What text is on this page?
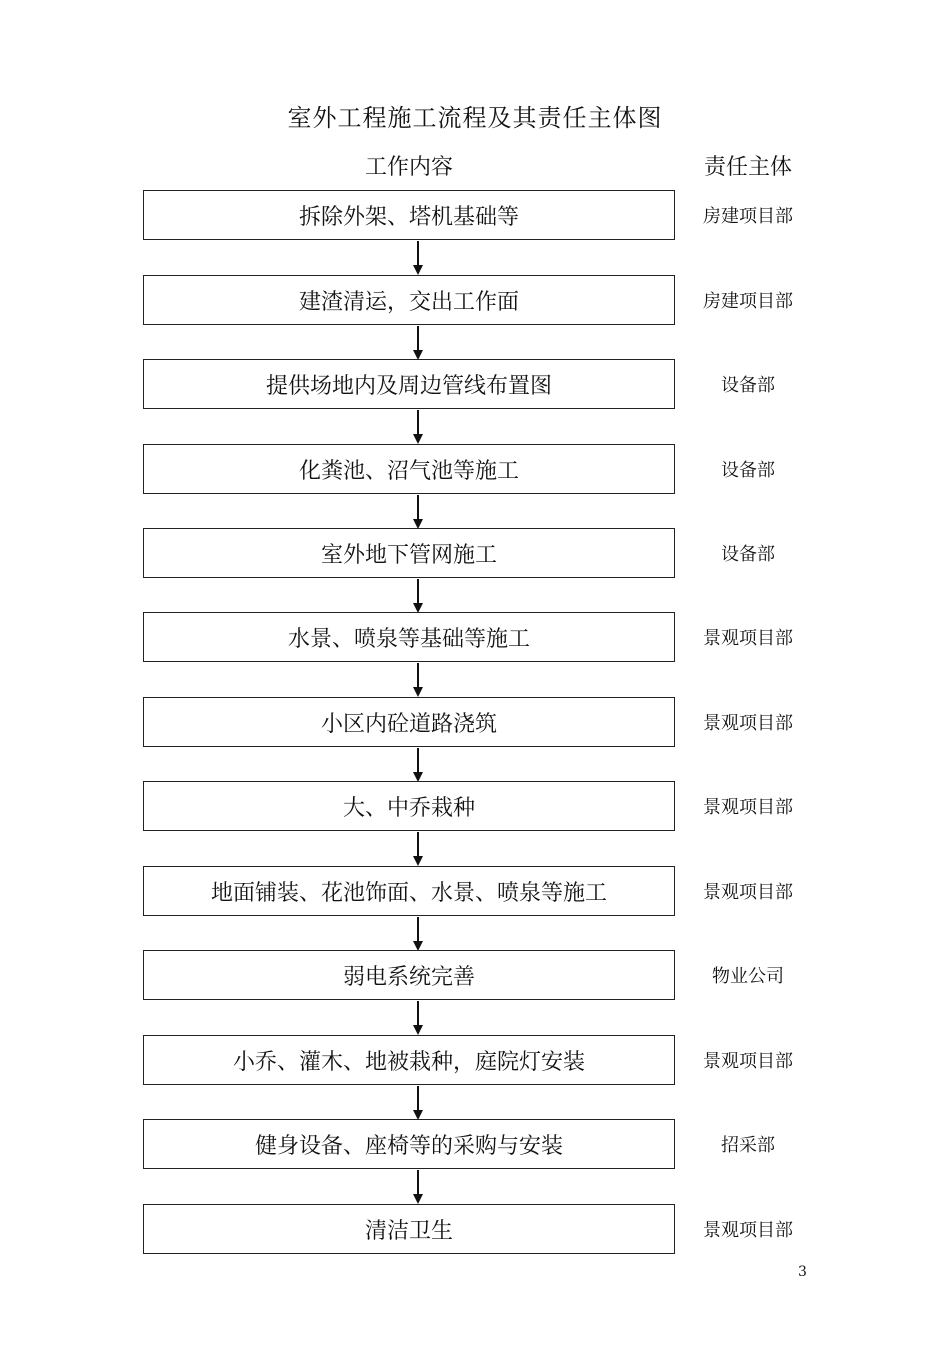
室外工程施工流程及其责任主体图
工作内容	责任主体
拆除外架、塔机基础等	房建项目部
建渣清运，交出工作面	房建项目部
提供场地内及周边管线布置图	设备部
化粪池、沼气池等施工	设备部
室外地下管网施工	设备部
水景、喷泉等基础等施工	景观项目部
小区内砼道路浇筑	景观项目部
大、中乔栽种	景观项目部
地面铺装、花池饰面、水景、喷泉等施工	景观项目部
弱电系统完善	物业公司
小乔、灌木、地被栽种，庭院灯安装	景观项目部
健身设备、座椅等的采购与安装	招采部
清洁卫生	景观项目部
3
